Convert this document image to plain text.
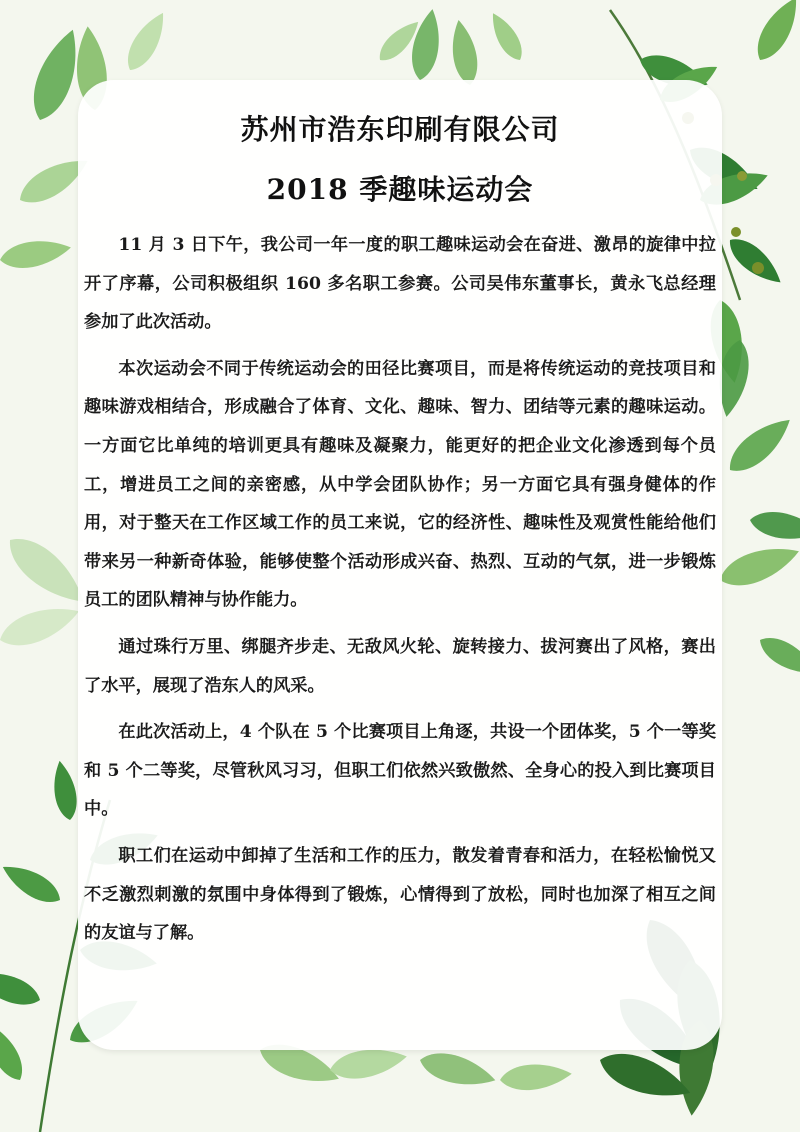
苏州市浩东印刷有限公司
2018 季趣味运动会

11 月 3 日下午，我公司一年一度的职工趣味运动会在奋进、激昂的旋律中拉开了序幕，公司积极组织 160 多名职工参赛。公司吴伟东董事长，黄永飞总经理参加了此次活动。

本次运动会不同于传统运动会的田径比赛项目，而是将传统运动的竞技项目和趣味游戏相结合，形成融合了体育、文化、趣味、智力、团结等元素的趣味运动。一方面它比单纯的培训更具有趣味及凝聚力，能更好的把企业文化渗透到每个员工，增进员工之间的亲密感，从中学会团队协作；另一方面它具有强身健体的作用，对于整天在工作区域工作的员工来说，它的经济性、趣味性及观赏性能给他们带来另一种新奇体验，能够使整个活动形成兴奋、热烈、互动的气氛，进一步锻炼员工的团队精神与协作能力。

通过珠行万里、绑腿齐步走、无敌风火轮、旋转接力、拔河赛出了风格，赛出了水平，展现了浩东人的风采。

在此次活动上，4 个队在 5 个比赛项目上角逐，共设一个团体奖，5 个一等奖和 5 个二等奖，尽管秋风习习，但职工们依然兴致傲然、全身心的投入到比赛项目中。

职工们在运动中卸掉了生活和工作的压力，散发着青春和活力，在轻松愉悦又不乏激烈刺激的氛围中身体得到了锻炼，心情得到了放松，同时也加深了相互之间的友谊与了解。
